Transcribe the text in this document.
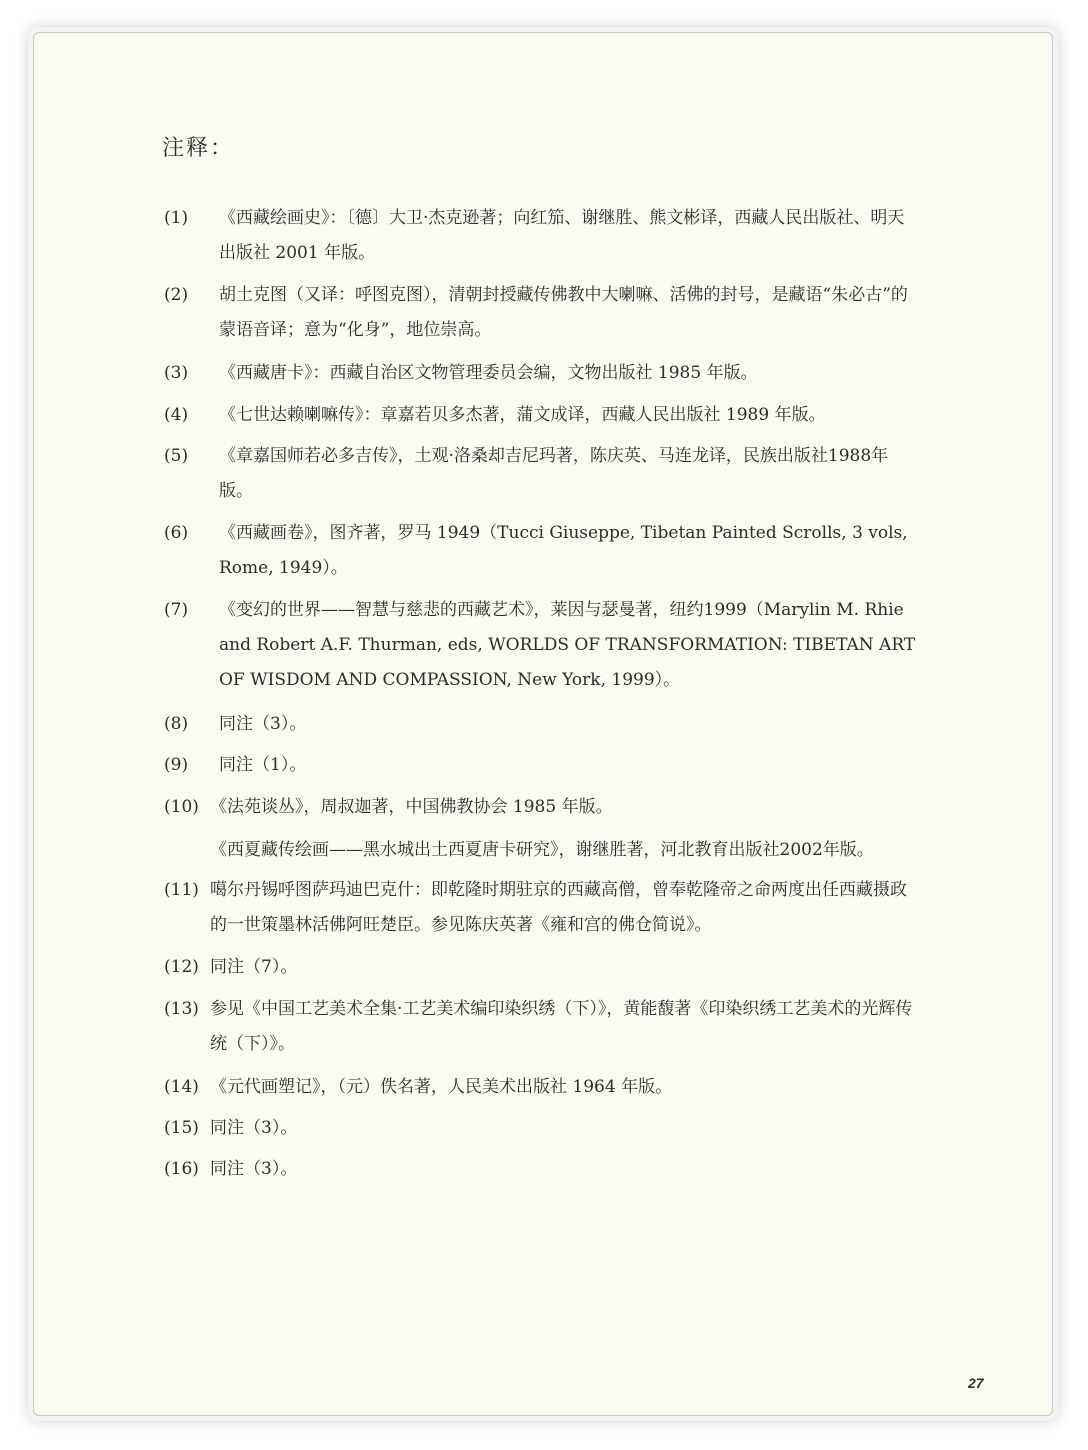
注释：
(1) 《西藏绘画史》：〔德〕大卫·杰克逊著；向红笳、谢继胜、熊文彬译，西藏人民出版社、明天出版社 2001 年版。
(2) 胡土克图（又译：呼图克图），清朝封授藏传佛教中大喇嘛、活佛的封号，是藏语“朱必古”的蒙语音译；意为“化身”，地位崇高。
(3) 《西藏唐卡》：西藏自治区文物管理委员会编，文物出版社 1985 年版。
(4) 《七世达赖喇嘛传》：章嘉若贝多杰著，蒲文成译，西藏人民出版社 1989 年版。
(5) 《章嘉国师若必多吉传》，土观·洛桑却吉尼玛著，陈庆英、马连龙译，民族出版社1988年版。
(6) 《西藏画卷》，图齐著，罗马 1949（Tucci Giuseppe, Tibetan Painted Scrolls, 3 vols, Rome, 1949）。
(7) 《变幻的世界——智慧与慈悲的西藏艺术》，莱因与瑟曼著，纽约1999（Marylin M. Rhie and Robert A.F. Thurman, eds, WORLDS OF TRANSFORMATION: TIBETAN ART OF WISDOM AND COMPASSION, New York, 1999）。
(8) 同注（3）。
(9) 同注（1）。
(10) 《法苑谈丛》，周叔迦著，中国佛教协会 1985 年版。
《西夏藏传绘画——黑水城出土西夏唐卡研究》，谢继胜著，河北教育出版社2002年版。
(11) 噶尔丹锡呼图萨玛迪巴克什：即乾隆时期驻京的西藏高僧，曾奉乾隆帝之命两度出任西藏摄政的一世策墨林活佛阿旺楚臣。参见陈庆英著《雍和宫的佛仓简说》。
(12) 同注（7）。
(13) 参见《中国工艺美术全集·工艺美术编印染织绣（下）》，黄能馥著《印染织绣工艺美术的光辉传统（下）》。
(14) 《元代画塑记》，（元）佚名著，人民美术出版社 1964 年版。
(15) 同注（3）。
(16) 同注（3）。
27
